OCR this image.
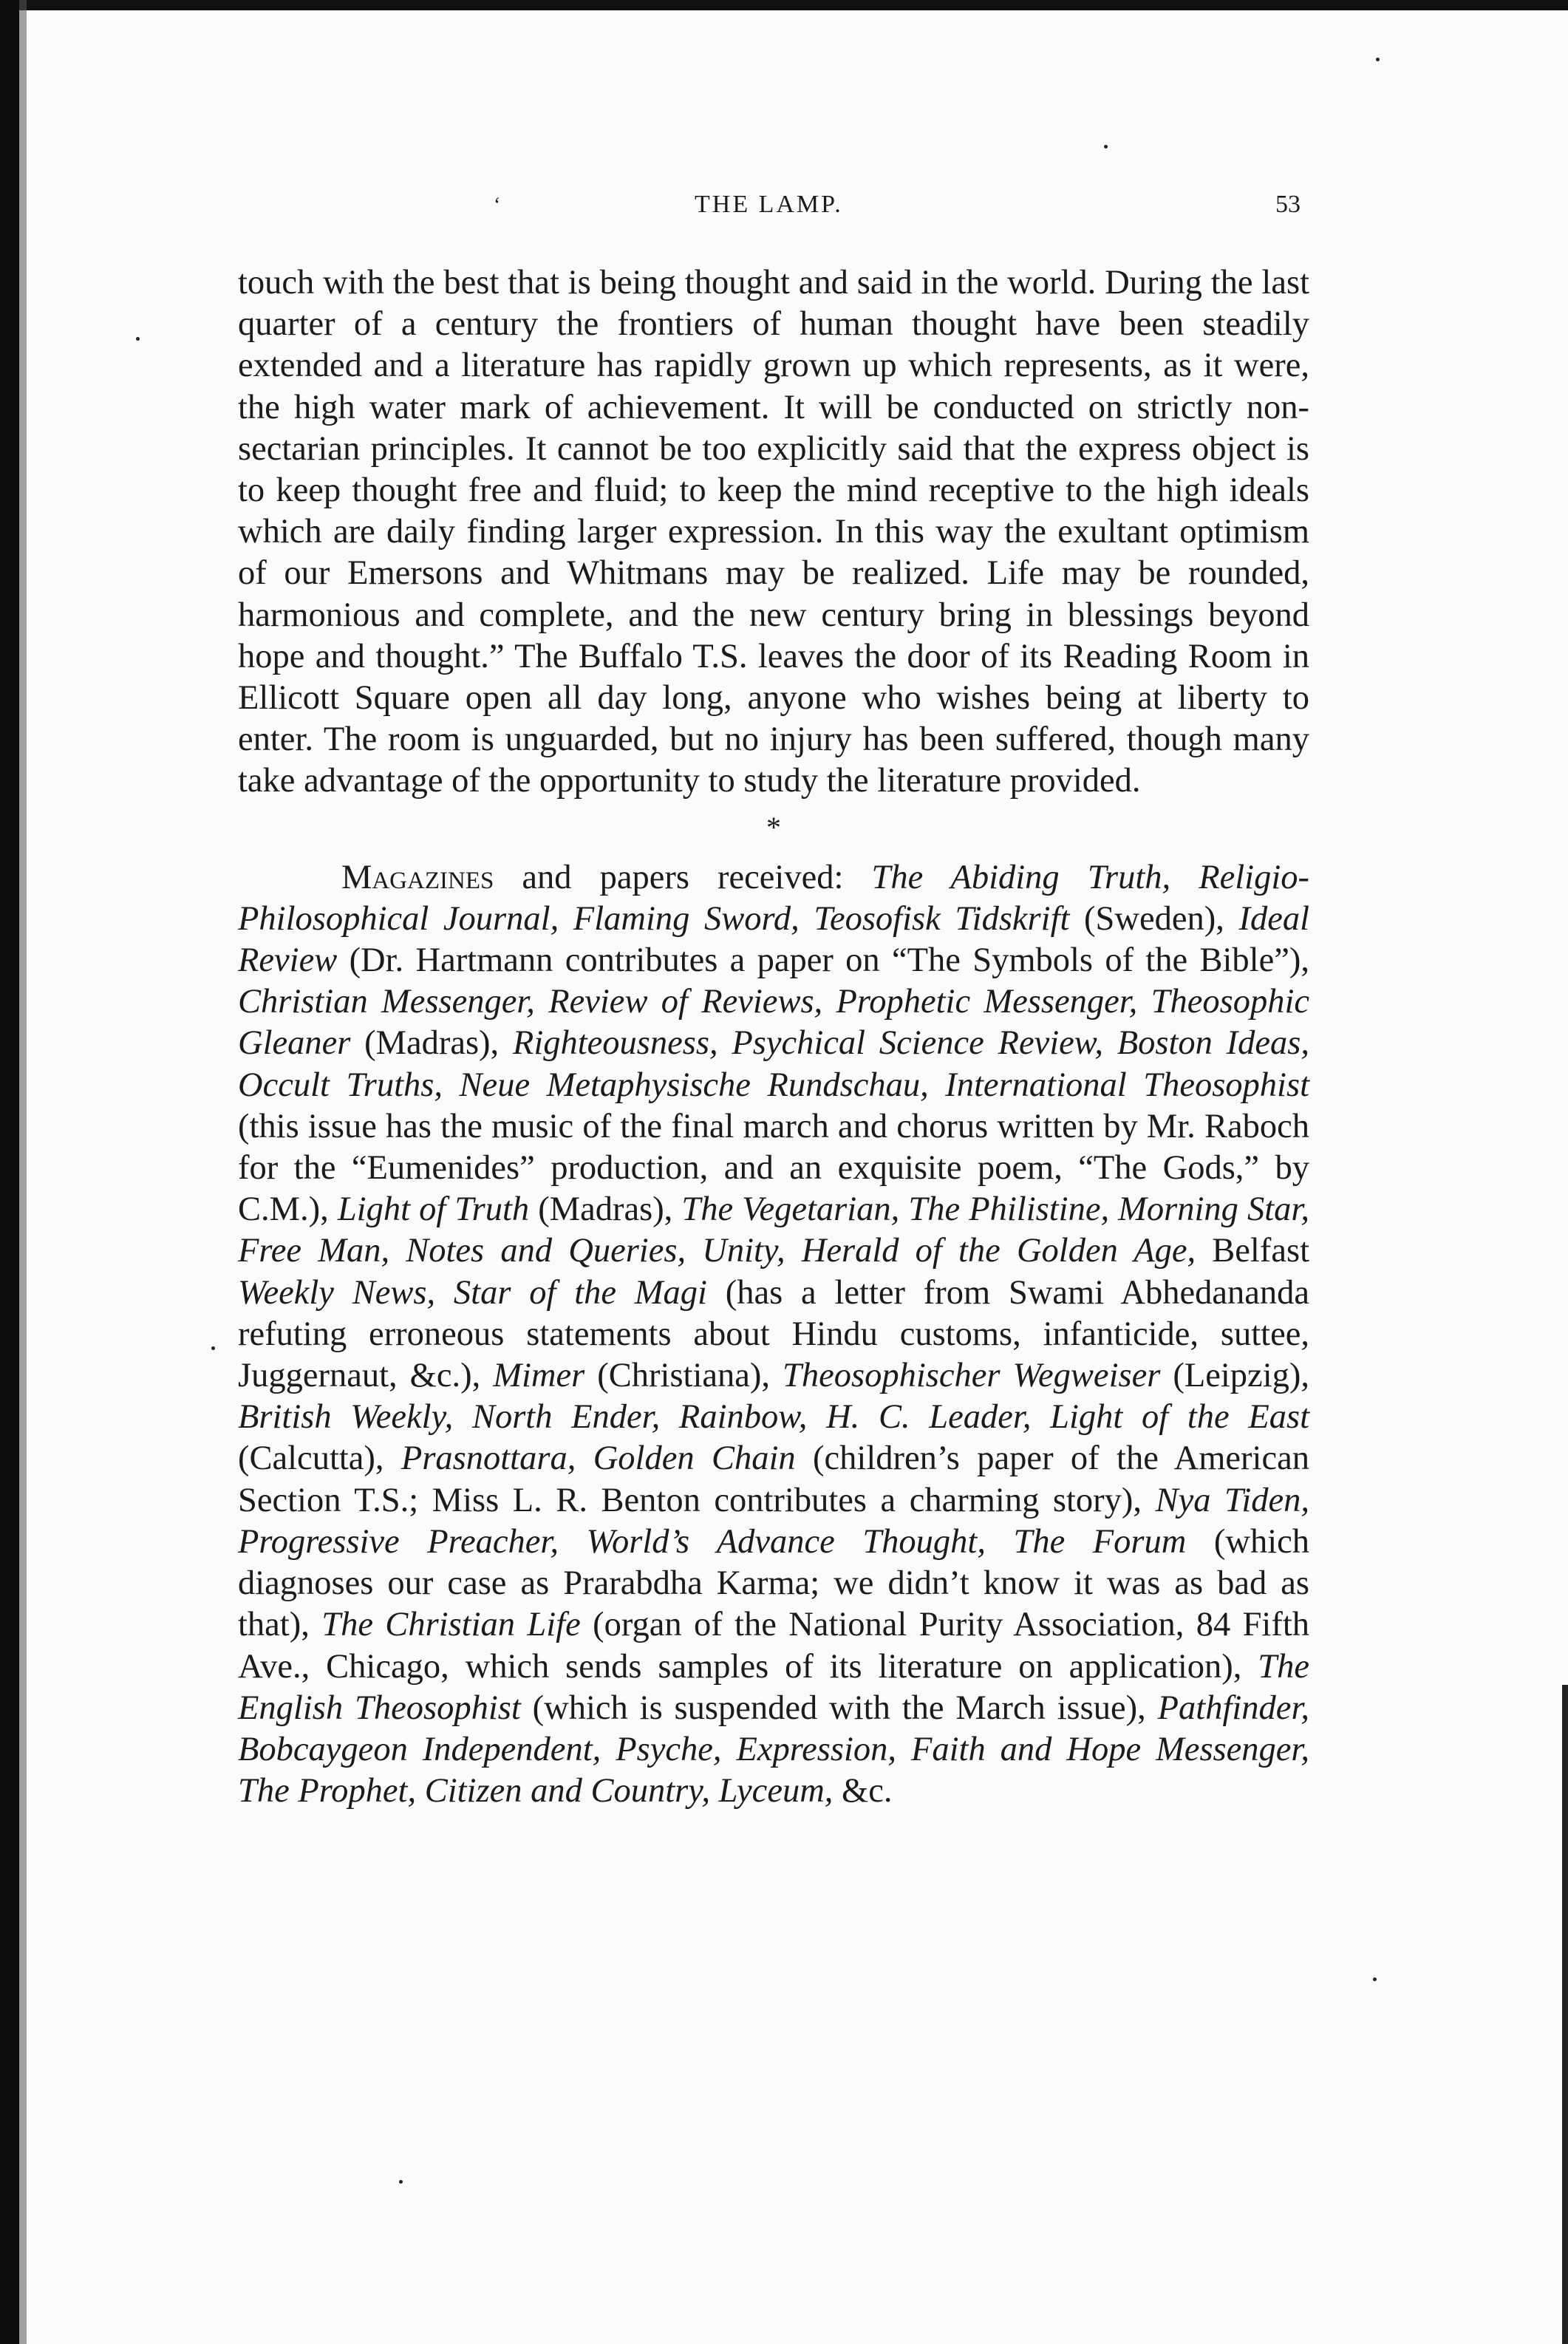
‘	THE LAMP.	53

touch with the best that is being thought and said in the world. During the last quarter of a century the frontiers of human thought have been steadily extended and a literature has rapidly grown up which represents, as it were, the high water mark of achievement. It will be conducted on strictly non-sectarian principles. It cannot be too explicitly said that the express object is to keep thought free and fluid; to keep the mind receptive to the high ideals which are daily finding larger expression. In this way the exultant optimism of our Emersons and Whitmans may be realized. Life may be rounded, harmonious and complete, and the new century bring in blessings beyond hope and thought.” The Buffalo T.S. leaves the door of its Reading Room in Ellicott Square open all day long, anyone who wishes being at liberty to enter. The room is unguarded, but no injury has been suffered, though many take advantage of the opportunity to study the literature provided.

*

Magazines and papers received: The Abiding Truth, Religio-Philosophical Journal, Flaming Sword, Teosofisk Tidskrift (Sweden), Ideal Review (Dr. Hartmann contributes a paper on “The Symbols of the Bible”), Christian Messenger, Review of Reviews, Prophetic Messenger, Theosophic Gleaner (Madras), Righteousness, Psychical Science Review, Boston Ideas, Occult Truths, Neue Metaphysische Rundschau, International Theosophist (this issue has the music of the final march and chorus written by Mr. Raboch for the “Eumenides” production, and an exquisite poem, “The Gods,” by C.M.), Light of Truth (Madras), The Vegetarian, The Philistine, Morning Star, Free Man, Notes and Queries, Unity, Herald of the Golden Age, Belfast Weekly News, Star of the Magi (has a letter from Swami Abhedananda refuting erroneous statements about Hindu customs, infanticide, suttee, Juggernaut, &c.), Mimer (Christiana), Theosophischer Wegweiser (Leipzig), British Weekly, North Ender, Rainbow, H. C. Leader, Light of the East (Calcutta), Prasnottara, Golden Chain (children’s paper of the American Section T.S.; Miss L. R. Benton contributes a charming story), Nya Tiden, Progressive Preacher, World’s Advance Thought, The Forum (which diagnoses our case as Prarabdha Karma; we didn’t know it was as bad as that), The Christian Life (organ of the National Purity Association, 84 Fifth Ave., Chicago, which sends samples of its literature on application), The English Theosophist (which is suspended with the March issue), Pathfinder, Bobcaygeon Independent, Psyche, Expression, Faith and Hope Messenger, The Prophet, Citizen and Country, Lyceum, &c.
